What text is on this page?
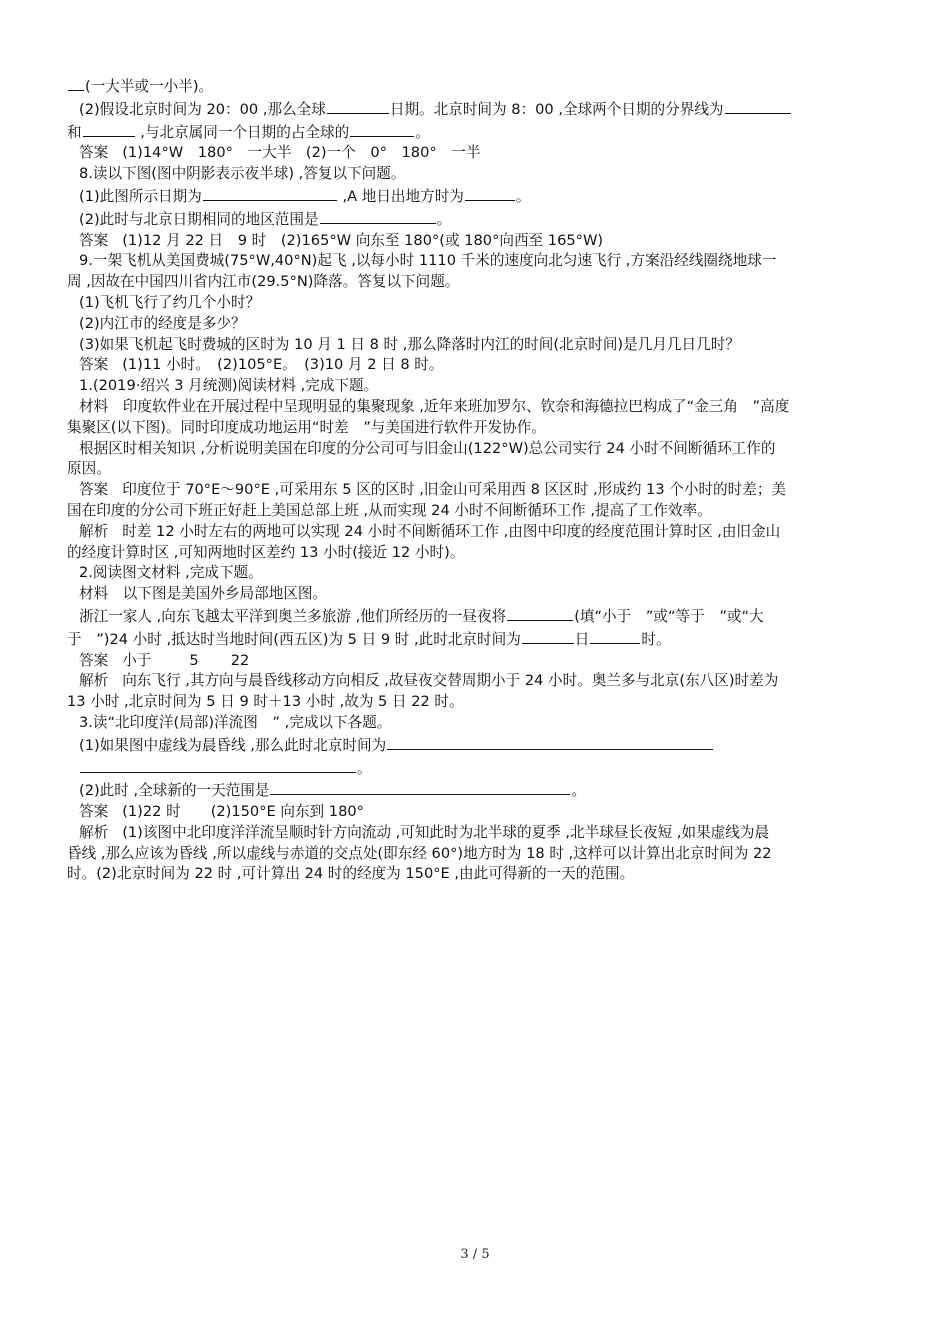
(一大半或一小半)。
(2)假设北京时间为 20：00 ,那么全球	日期。北京时间为 8：00 ,全球两个日期的分界线为
和	,与北京属同一个日期的占全球的	。
答案 (1)14°W　180°　一大半　(2)一个　0°　180°　一半
8.读以下图(图中阴影表示夜半球) ,答复以下问题。
(1)此图所示日期为	,A 地日出地方时为	。
(2)此时与北京日期相同的地区范围是	。
答案 (1)12 月 22 日　9 时　(2)165°W 向东至 180°(或 180°向西至 165°W)
9.一架飞机从美国费城(75°W,40°N)起飞 ,以每小时 1110 千米的速度向北匀速飞行 ,方案沿经线圈绕地球一
周 ,因故在中国四川省内江市(29.5°N)降落。答复以下问题。
(1)飞机飞行了约几个小时？
(2)内江市的经度是多少？
(3)如果飞机起飞时费城的区时为 10 月 1 日 8 时 ,那么降落时内江的时间(北京时间)是几月几日几时？
答案 (1)11 小时。　(2)105°E。　(3)10 月 2 日 8 时。
1.(2019·绍兴 3 月统测)阅读材料 ,完成下题。
材料　印度软件业在开展过程中呈现明显的集聚现象 ,近年来班加罗尔、钦奈和海德拉巴构成了“金三角　”高度
集聚区(以下图)。同时印度成功地运用“时差　”与美国进行软件开发协作。
根据区时相关知识 ,分析说明美国在印度的分公司可与旧金山(122°W)总公司实行 24 小时不间断循环工作的
原因。
答案 印度位于 70°E～90°E ,可采用东 5 区的区时 ,旧金山可采用西 8 区区时 ,形成约 13 个小时的时差；美
国在印度的分公司下班正好赶上美国总部上班 ,从而实现 24 小时不间断循环工作 ,提高了工作效率。
解析 时差 12 小时左右的两地可以实现 24 小时不间断循环工作 ,由图中印度的经度范围计算时区 ,由旧金山
的经度计算时区 ,可知两地时区差约 13 小时(接近 12 小时)。
2.阅读图文材料 ,完成下题。
材料　以下图是美国外乡局部地区图。
浙江一家人 ,向东飞越太平洋到奥兰多旅游 ,他们所经历的一昼夜将	(填“小于　”或“等于　”或“大
于　”)24 小时 ,抵达时当地时间(西五区)为 5 日 9 时 ,此时北京时间为	日	时。
答案 小于	5 22
解析 向东飞行 ,其方向与晨昏线移动方向相反 ,故昼夜交替周期小于 24 小时。奥兰多与北京(东八区)时差为
13 小时 ,北京时间为 5 日 9 时＋13 小时 ,故为 5 日 22 时。
3.读“北印度洋(局部)洋流图　” ,完成以下各题。
(1)如果图中虚线为晨昏线 ,那么此时北京时间为
。
(2)此时 ,全球新的一天范围是	。
答案 (1)22 时 (2)150°E 向东到 180°
解析 (1)该图中北印度洋洋流呈顺时针方向流动 ,可知此时为北半球的夏季 ,北半球昼长夜短 ,如果虚线为晨
昏线 ,那么应该为昏线 ,所以虚线与赤道的交点处(即东经 60°)地方时为 18 时 ,这样可以计算出北京时间为 22
时。(2)北京时间为 22 时 ,可计算出 24 时的经度为 150°E ,由此可得新的一天的范围。
3 / 5
